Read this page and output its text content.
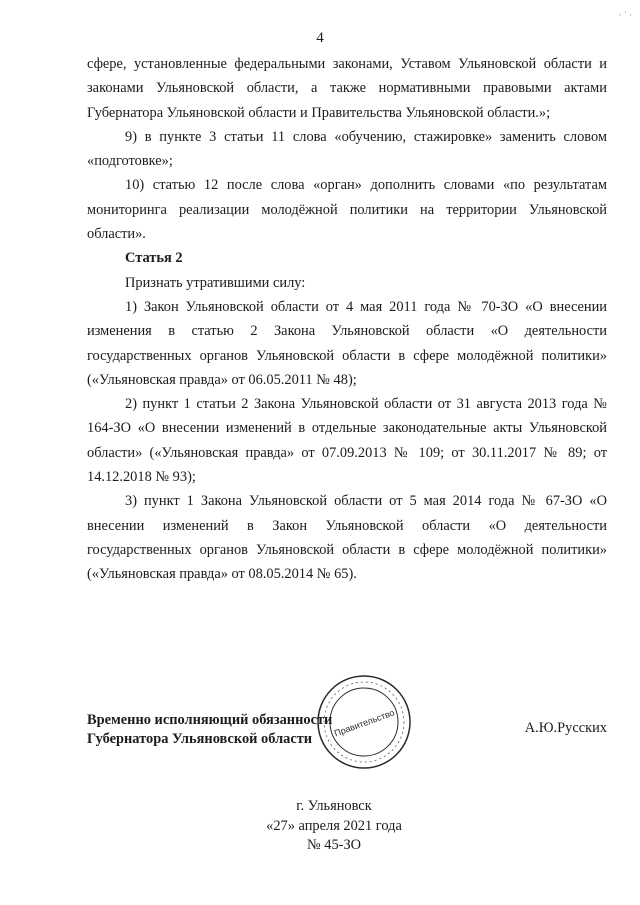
4
· ˙ ·

сфере, установленные федеральными законами, Уставом Ульяновской области и законами Ульяновской области, а также нормативными правовыми актами Губернатора Ульяновской области и Правительства Ульяновской области.»;

9) в пункте 3 статьи 11 слова «обучению, стажировке» заменить словом «подготовке»;

10) статью 12 после слова «орган» дополнить словами «по результатам мониторинга реализации молодёжной политики на территории Ульяновской области».

Статья 2

Признать утратившими силу:

1) Закон Ульяновской области от 4 мая 2011 года № 70-ЗО «О внесении изменения в статью 2 Закона Ульяновской области «О деятельности государственных органов Ульяновской области в сфере молодёжной политики» («Ульяновская правда» от 06.05.2011 № 48);

2) пункт 1 статьи 2 Закона Ульяновской области от 31 августа 2013 года № 164-ЗО «О внесении изменений в отдельные законодательные акты Ульяновской области» («Ульяновская правда» от 07.09.2013 № 109; от 30.11.2017 № 89; от 14.12.2018 № 93);

3) пункт 1 Закона Ульяновской области от 5 мая 2014 года № 67-ЗО «О внесении изменений в Закон Ульяновской области «О деятельности государственных органов Ульяновской области в сфере молодёжной политики» («Ульяновская правда» от 08.05.2014 № 65).

Правительство
Временно исполняющий обязанности
Губернатора Ульяновской области
А.Ю.Русских
г. Ульяновск
«27» апреля 2021 года
№ 45-ЗО
